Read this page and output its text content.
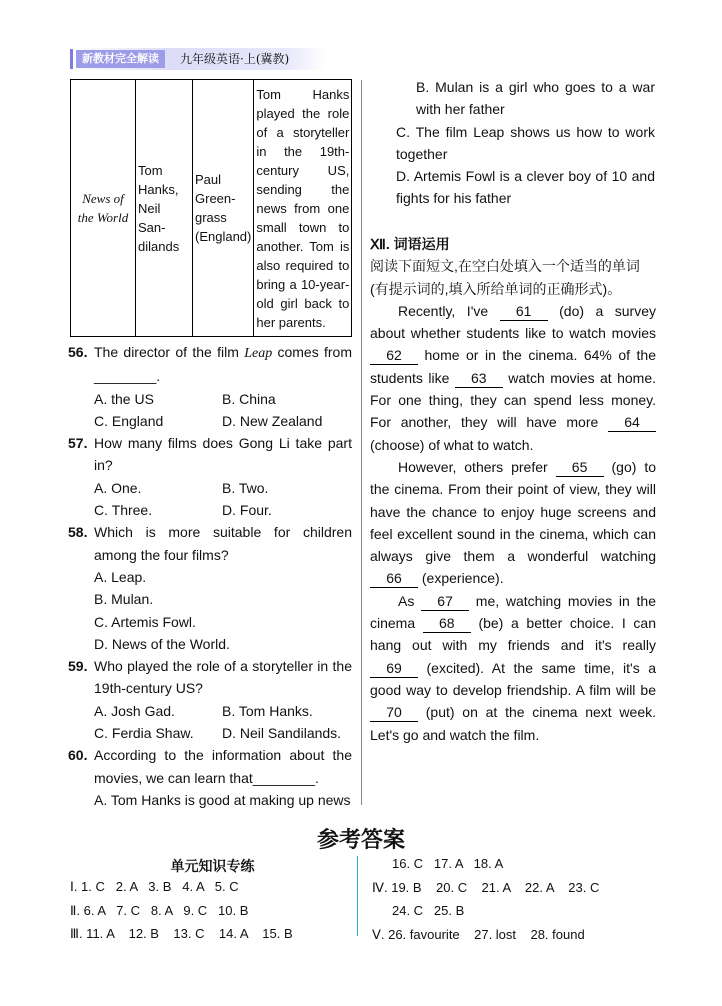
新教材完全解读	九年级英语·上(冀教)
News of the World	Tom Hanks, Neil San-dilands	Paul Green-grass (England)	Tom Hanks played the role of a storyteller in the 19th-century US, sending the news from one small town to another. Tom is also required to bring a 10-year-old girl back to her parents.
56. The director of the film Leap comes from ________.
A. the US	B. China
C. England	D. New Zealand
57. How many films does Gong Li take part in?
A. One.	B. Two.
C. Three.	D. Four.
58. Which is more suitable for children among the four films?
A. Leap.
B. Mulan.
C. Artemis Fowl.
D. News of the World.
59. Who played the role of a storyteller in the 19th-century US?
A. Josh Gad.	B. Tom Hanks.
C. Ferdia Shaw.	D. Neil Sandilands.
60. According to the information about the movies, we can learn that________.
A. Tom Hanks is good at making up news
B. Mulan is a girl who goes to a war with her father
C. The film Leap shows us how to work together
D. Artemis Fowl is a clever boy of 10 and fights for his father
Ⅻ. 词语运用
阅读下面短文,在空白处填入一个适当的单词(有提示词的,填入所给单词的正确形式)。
Recently, I've 61 (do) a survey about whether students like to watch movies 62 home or in the cinema. 64% of the students like 63 watch movies at home. For one thing, they can spend less money. For another, they will have more 64 (choose) of what to watch.
However, others prefer 65 (go) to the cinema. From their point of view, they will have the chance to enjoy huge screens and feel excellent sound in the cinema, which can always give them a wonderful watching 66 (experience).
As 67 me, watching movies in the cinema 68 (be) a better choice. I can hang out with my friends and it's really 69 (excited). At the same time, it's a good way to develop friendship. A film will be 70 (put) on at the cinema next week. Let's go and watch the film.
参考答案
单元知识专练
Ⅰ. 1. C   2. A   3. B   4. A   5. C
Ⅱ. 6. A   7. C   8. A   9. C   10. B
Ⅲ. 11. A    12. B    13. C    14. A    15. B
16. C   17. A   18. A
Ⅳ. 19. B    20. C    21. A    22. A    23. C
24. C   25. B
Ⅴ. 26. favourite    27. lost    28. found
